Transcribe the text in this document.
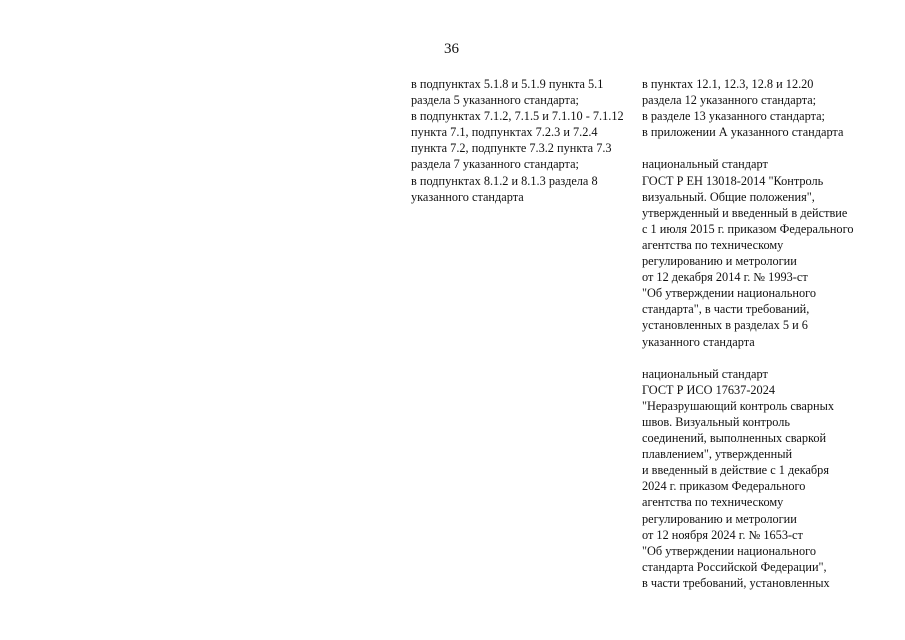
36
в подпунктах 5.1.8 и 5.1.9 пункта 5.1
раздела 5 указанного стандарта;
в подпунктах 7.1.2, 7.1.5 и 7.1.10 - 7.1.12
пункта 7.1, подпунктах 7.2.3 и 7.2.4
пункта 7.2, подпункте 7.3.2 пункта 7.3
раздела 7 указанного стандарта;
в подпунктах 8.1.2 и 8.1.3 раздела 8
указанного стандарта
в пунктах 12.1, 12.3, 12.8 и 12.20
раздела 12 указанного стандарта;
в разделе 13 указанного стандарта;
в приложении А указанного стандарта
национальный стандарт
ГОСТ Р ЕН 13018-2014 "Контроль
визуальный. Общие положения",
утвержденный и введенный в действие
с 1 июля 2015 г. приказом Федерального
агентства по техническому
регулированию и метрологии
от 12 декабря 2014 г. № 1993-ст
"Об утверждении национального
стандарта", в части требований,
установленных в разделах 5 и 6
указанного стандарта
национальный стандарт
ГОСТ Р ИСО 17637-2024
"Неразрушающий контроль сварных
швов. Визуальный контроль
соединений, выполненных сваркой
плавлением", утвержденный
и введенный в действие с 1 декабря
2024 г. приказом Федерального
агентства по техническому
регулированию и метрологии
от 12 ноября 2024 г. № 1653-ст
"Об утверждении национального
стандарта Российской Федерации",
в части требований, установленных
